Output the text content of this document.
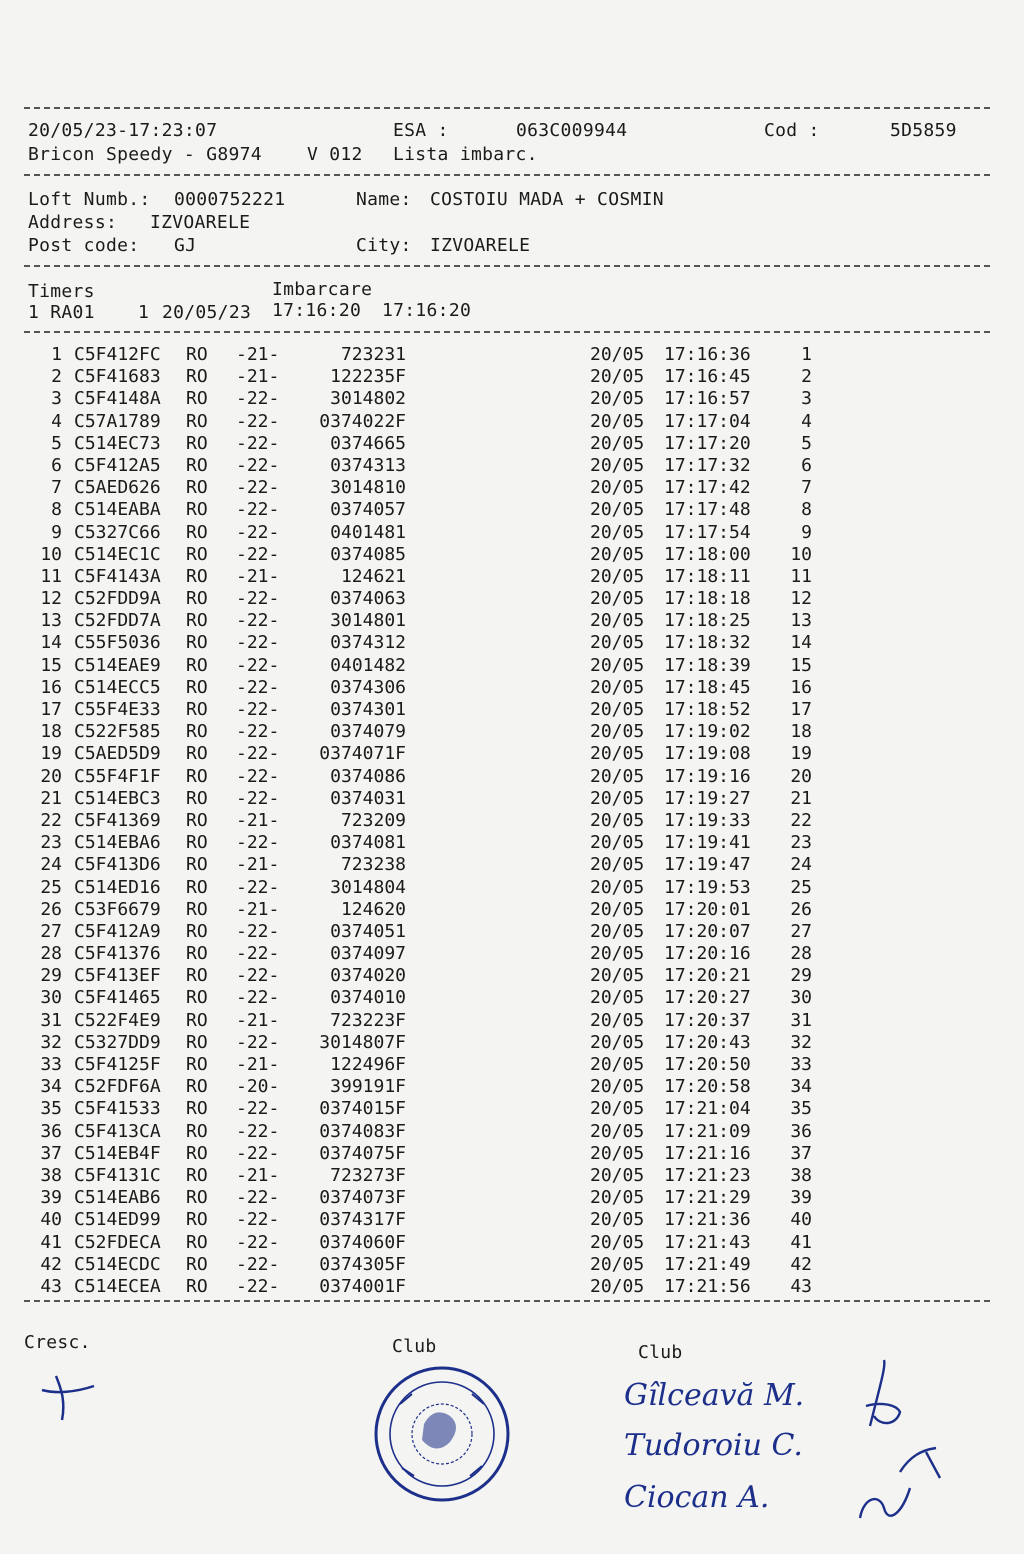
20/05/23-17:23:07	ESA :	063C009944	Cod :	5D5859
Bricon Speedy - G8974	V 012 Lista imbarc.
Loft Numb.: 0000752221	Name: COSTOIU MADA + COSMIN
Address: IZVOARELE
Post code: GJ	City: IZVOARELE
Timers	Imbarcare
1 RA01 1 20/05/23 17:16:20 17:16:20
1 C5F412FC RO -21-	723231	20/05 17:16:36	1
2 C5F41683 RO -21-	122235F	20/05 17:16:45	2
3 C5F4148A RO -22-	3014802	20/05 17:16:57	3
4 C57A1789 RO -22-	0374022F	20/05 17:17:04	4
5 C514EC73 RO -22-	0374665	20/05 17:17:20	5
6 C5F412A5 RO -22-	0374313	20/05 17:17:32	6
7 C5AED626 RO -22-	3014810	20/05 17:17:42	7
8 C514EABA RO -22-	0374057	20/05 17:17:48	8
9 C5327C66 RO -22-	0401481	20/05 17:17:54	9
10 C514EC1C RO -22-	0374085	20/05 17:18:00	10
11 C5F4143A RO -21-	124621	20/05 17:18:11	11
12 C52FDD9A RO -22-	0374063	20/05 17:18:18	12
13 C52FDD7A RO -22-	3014801	20/05 17:18:25	13
14 C55F5036 RO -22-	0374312	20/05 17:18:32	14
15 C514EAE9 RO -22-	0401482	20/05 17:18:39	15
16 C514ECC5 RO -22-	0374306	20/05 17:18:45	16
17 C55F4E33 RO -22-	0374301	20/05 17:18:52	17
18 C522F585 RO -22-	0374079	20/05 17:19:02	18
19 C5AED5D9 RO -22-	0374071F	20/05 17:19:08	19
20 C55F4F1F RO -22-	0374086	20/05 17:19:16	20
21 C514EBC3 RO -22-	0374031	20/05 17:19:27	21
22 C5F41369 RO -21-	723209	20/05 17:19:33	22
23 C514EBA6 RO -22-	0374081	20/05 17:19:41	23
24 C5F413D6 RO -21-	723238	20/05 17:19:47	24
25 C514ED16 RO -22-	3014804	20/05 17:19:53	25
26 C53F6679 RO -21-	124620	20/05 17:20:01	26
27 C5F412A9 RO -22-	0374051	20/05 17:20:07	27
28 C5F41376 RO -22-	0374097	20/05 17:20:16	28
29 C5F413EF RO -22-	0374020	20/05 17:20:21	29
30 C5F41465 RO -22-	0374010	20/05 17:20:27	30
31 C522F4E9 RO -21-	723223F	20/05 17:20:37	31
32 C5327DD9 RO -22-	3014807F	20/05 17:20:43	32
33 C5F4125F RO -21-	122496F	20/05 17:20:50	33
34 C52FDF6A RO -20-	399191F	20/05 17:20:58	34
35 C5F41533 RO -22-	0374015F	20/05 17:21:04	35
36 C5F413CA RO -22-	0374083F	20/05 17:21:09	36
37 C514EB4F RO -22-	0374075F	20/05 17:21:16	37
38 C5F4131C RO -21-	723273F	20/05 17:21:23	38
39 C514EAB6 RO -22-	0374073F	20/05 17:21:29	39
40 C514ED99 RO -22-	0374317F	20/05 17:21:36	40
41 C52FDECA RO -22-	0374060F	20/05 17:21:43	41
42 C514ECDC RO -22-	0374305F	20/05 17:21:49	42
43 C514ECEA RO -22-	0374001F	20/05 17:21:56	43
Cresc.	Club	Club
Gîlceavă M.
Tudoroiu C.
Ciocan A.
